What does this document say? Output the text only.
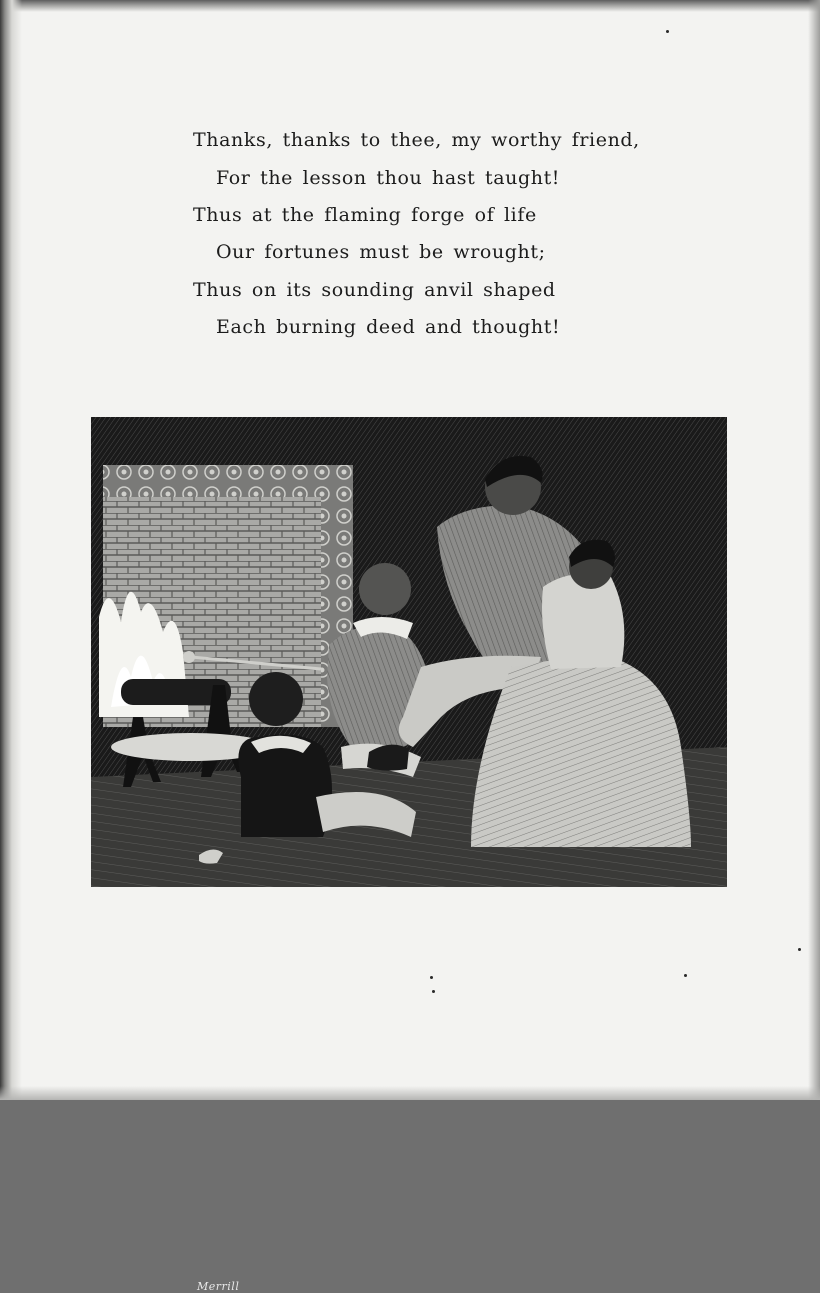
Thanks, thanks to thee, my worthy friend,
For the lesson thou hast taught!
Thus at the flaming forge of life
Our fortunes must be wrought;
Thus on its sounding anvil shaped
Each burning deed and thought!
Merrill
